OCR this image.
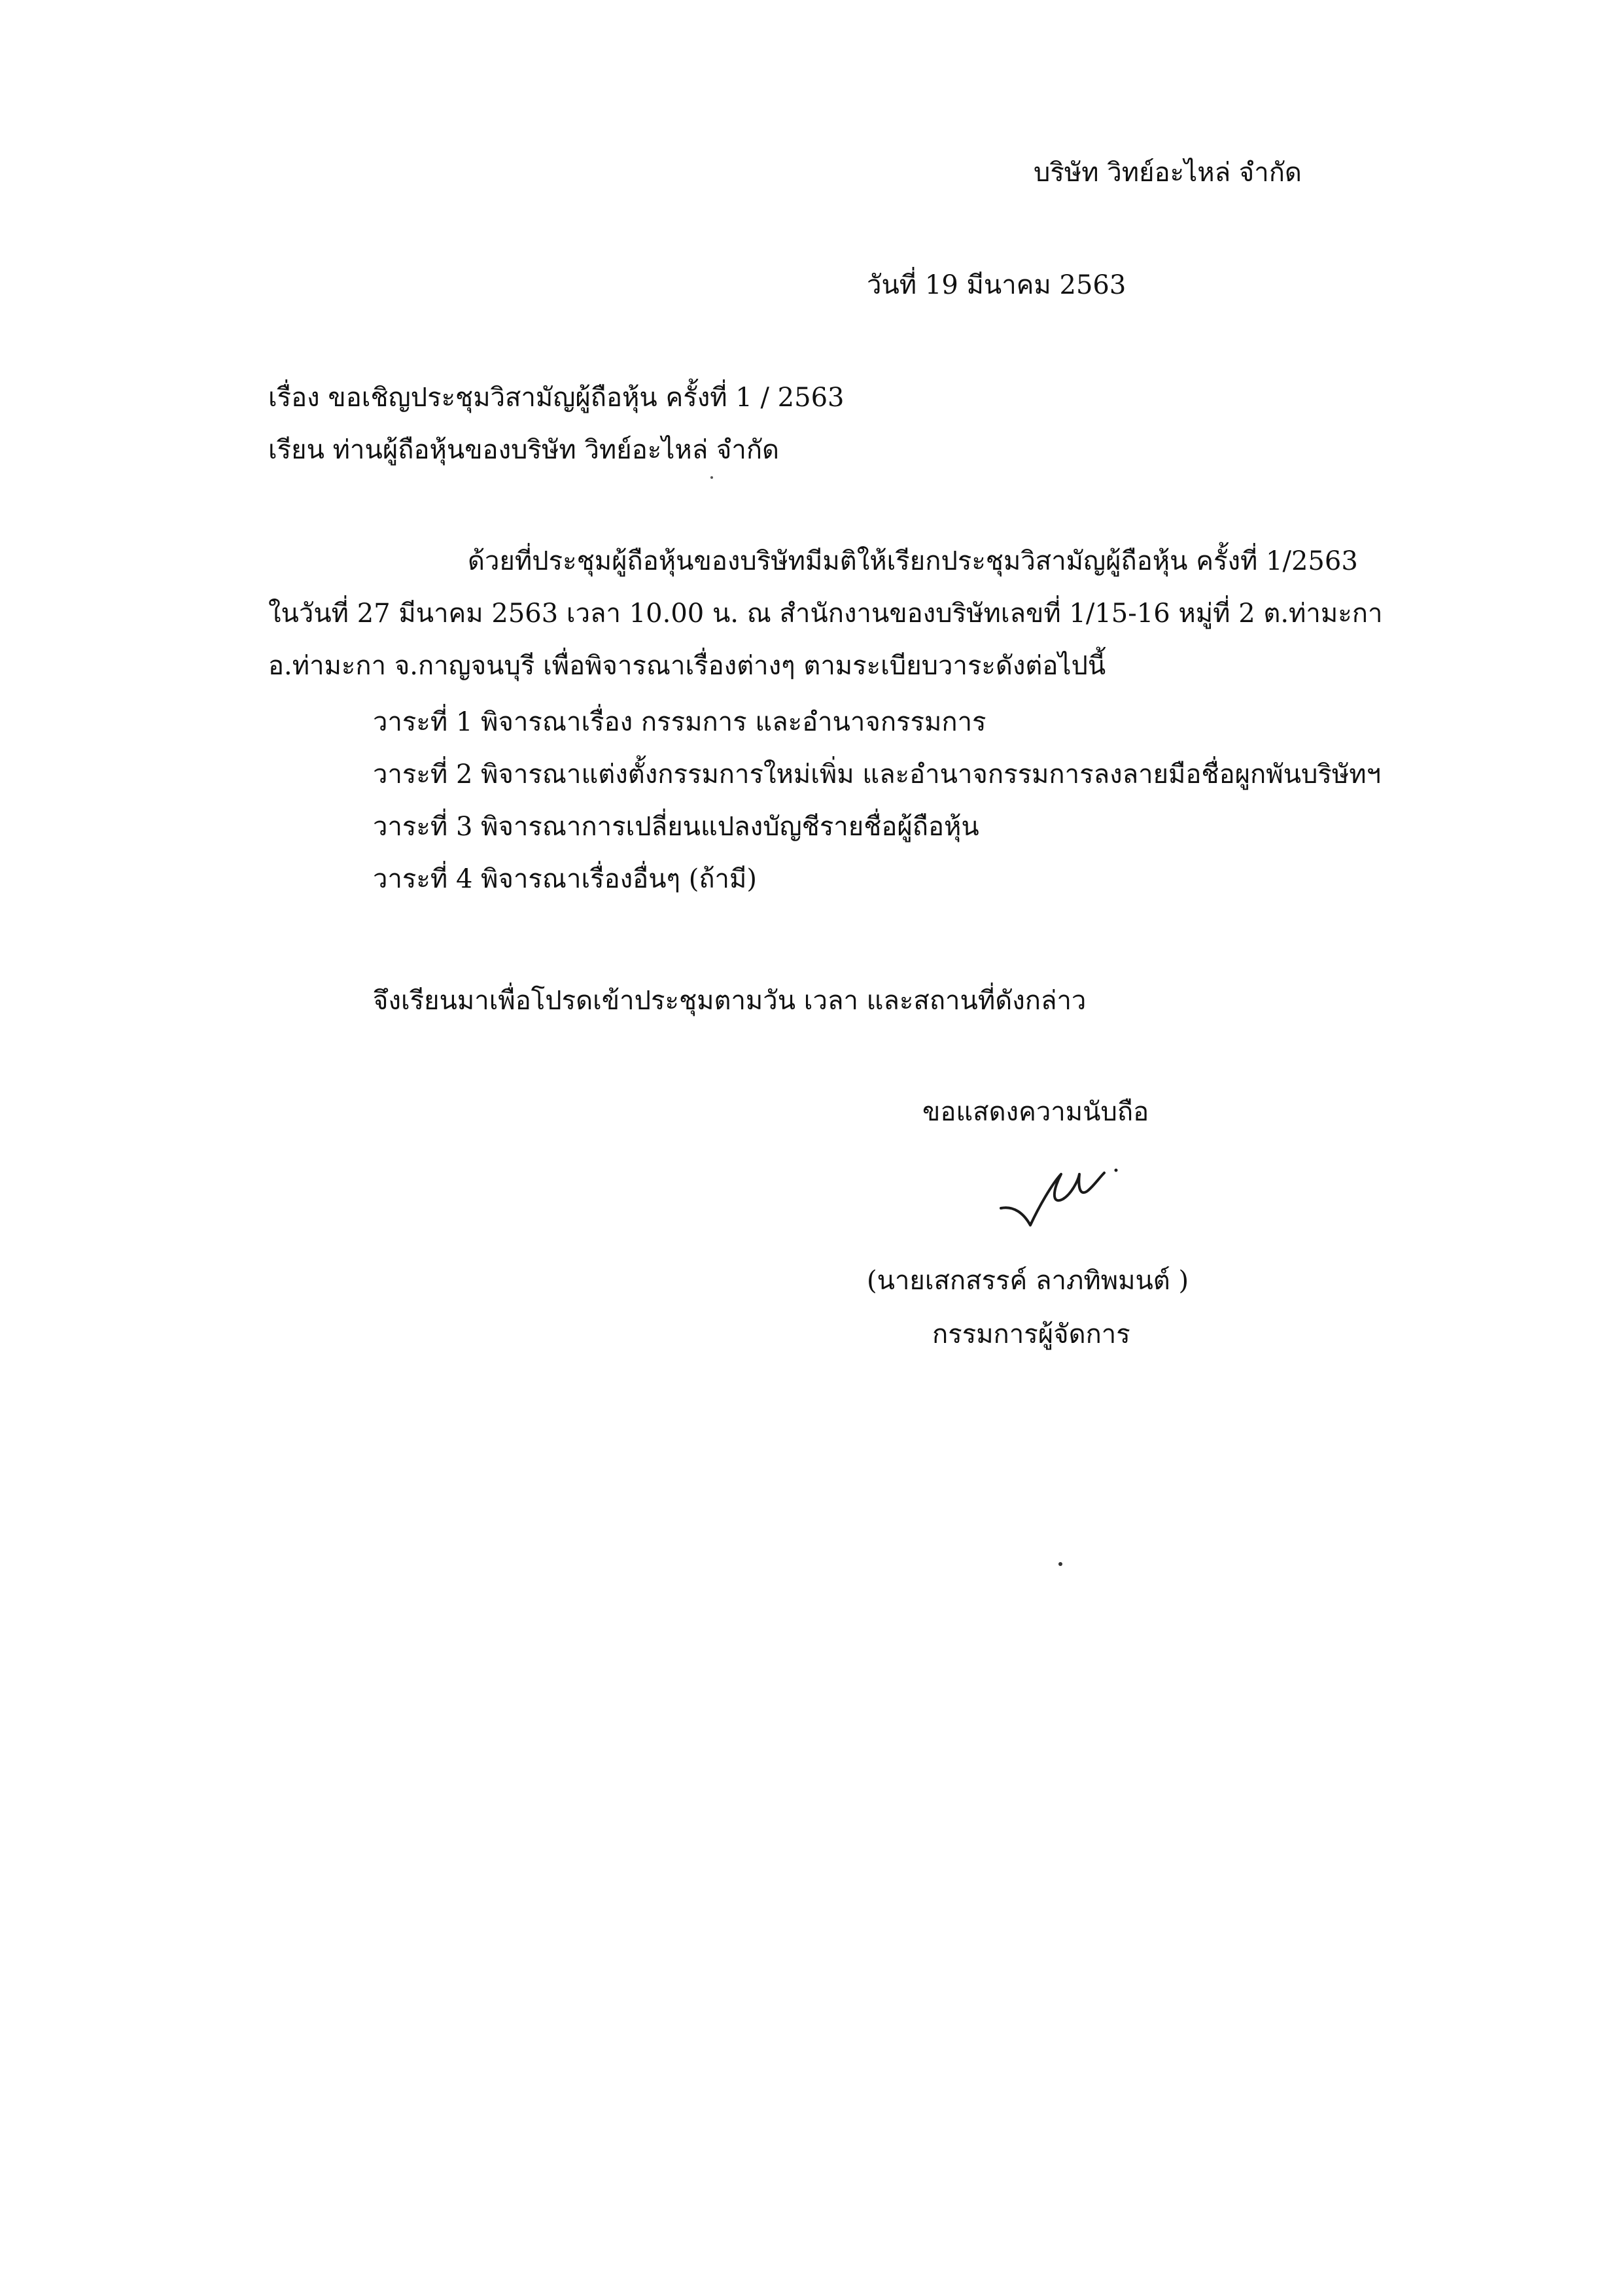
บริษัท วิทย์อะไหล่ จำกัด
วันที่ 19 มีนาคม 2563
เรื่อง ขอเชิญประชุมวิสามัญผู้ถือหุ้น ครั้งที่ 1 / 2563
เรียน ท่านผู้ถือหุ้นของบริษัท วิทย์อะไหล่ จำกัด
ด้วยที่ประชุมผู้ถือหุ้นของบริษัทมีมติให้เรียกประชุมวิสามัญผู้ถือหุ้น ครั้งที่ 1/2563
ในวันที่ 27 มีนาคม 2563 เวลา 10.00 น. ณ สำนักงานของบริษัทเลขที่ 1/15-16 หมู่ที่ 2 ต.ท่ามะกา
อ.ท่ามะกา จ.กาญจนบุรี เพื่อพิจารณาเรื่องต่างๆ ตามระเบียบวาระดังต่อไปนี้
วาระที่ 1 พิจารณาเรื่อง กรรมการ และอำนาจกรรมการ
วาระที่ 2 พิจารณาแต่งตั้งกรรมการใหม่เพิ่ม และอำนาจกรรมการลงลายมือชื่อผูกพันบริษัทฯ
วาระที่ 3 พิจารณาการเปลี่ยนแปลงบัญชีรายชื่อผู้ถือหุ้น
วาระที่ 4 พิจารณาเรื่องอื่นๆ (ถ้ามี)
จึงเรียนมาเพื่อโปรดเข้าประชุมตามวัน เวลา และสถานที่ดังกล่าว
ขอแสดงความนับถือ
(นายเสกสรรค์ ลาภทิพมนต์ )
กรรมการผู้จัดการ
